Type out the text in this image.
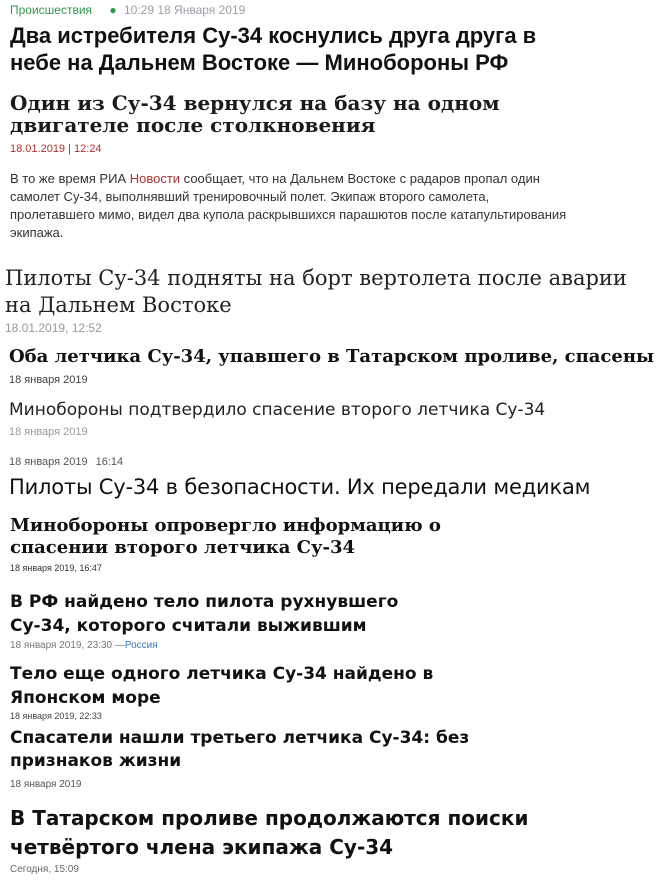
Происшествия ● 10:29 18 Января 2019
Два истребителя Су-34 коснулись друга друга в небе на Дальнем Востоке — Минобороны РФ
Один из Су-34 вернулся на базу на одном двигателе после столкновения
18.01.2019 | 12:24
В то же время РИА Новости сообщает, что на Дальнем Востоке с радаров пропал один самолет Су-34, выполнявший тренировочный полет. Экипаж второго самолета, пролетавшего мимо, видел два купола раскрывшихся парашютов после катапультирования экипажа.
Пилоты Су-34 подняты на борт вертолета после аварии на Дальнем Востоке
18.01.2019, 12:52
Оба летчика Су-34, упавшего в Татарском проливе, спасены
18 января 2019
Минобороны подтвердило спасение второго летчика Су-34
18 января 2019
18 января 2019 16:14
Пилоты Су-34 в безопасности. Их передали медикам
Минобороны опровергло информацию о спасении второго летчика Су-34
18 января 2019, 16:47
В РФ найдено тело пилота рухнувшего Су-34, которого считали выжившим
18 января 2019, 23:30 —Россия
Тело еще одного летчика Су-34 найдено в Японском море
18 января 2019, 22:33
Спасатели нашли третьего летчика Су-34: без признаков жизни
18 января 2019
В Татарском проливе продолжаются поиски четвёртого члена экипажа Су-34
Сегодня, 15:09
